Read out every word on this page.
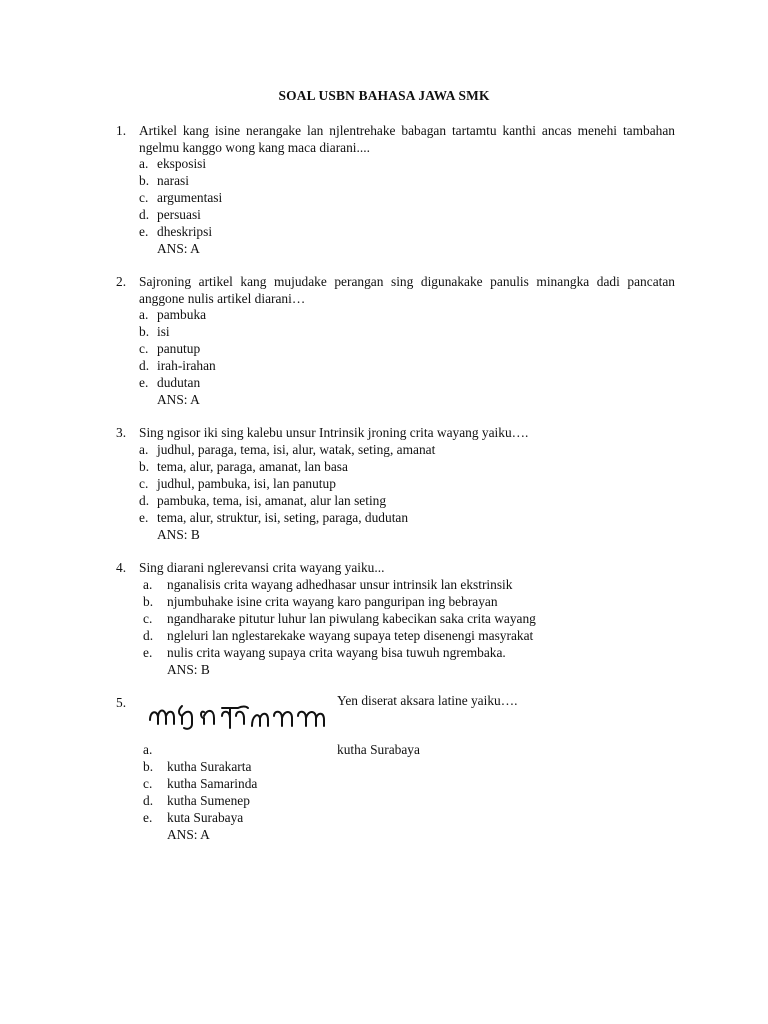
SOAL USBN BAHASA JAWA SMK
1. Artikel kang isine nerangake lan njlentrehake babagan tartamtu kanthi ancas menehi tambahan ngelmu kanggo wong kang maca diarani....
a. eksposisi
b. narasi
c. argumentasi
d. persuasi
e. dheskripsi
ANS: A
2. Sajroning artikel kang mujudake perangan sing digunakake panulis minangka dadi pancatan anggone nulis artikel diarani…
a. pambuka
b. isi
c. panutup
d. irah-irahan
e. dudutan
ANS: A
3. Sing ngisor iki sing kalebu unsur Intrinsik jroning crita wayang yaiku….
a. judhul, paraga, tema, isi, alur, watak, seting, amanat
b. tema, alur, paraga, amanat, lan basa
c. judhul, pambuka, isi, lan panutup
d. pambuka, tema, isi, amanat, alur lan seting
e. tema, alur, struktur, isi, seting, paraga, dudutan
ANS: B
4. Sing diarani nglerevansi crita wayang yaiku...
a. nganalisis crita wayang adhedhasar unsur intrinsik lan ekstrinsik
b. njumbuhake isine crita wayang karo panguripan ing bebrayan
c. ngandharake pitutur luhur lan piwulang kabecikan saka crita wayang
d. ngleluri lan nglestarekake wayang supaya tetep disenengi masyrakat
e. nulis crita wayang supaya crita wayang bisa tuwuh ngrembaka.
ANS: B
5.	Yen diserat aksara latine yaiku….
a.	kutha Surabaya
b. kutha Surakarta
c. kutha Samarinda
d. kutha Sumenep
e. kuta Surabaya
ANS: A
